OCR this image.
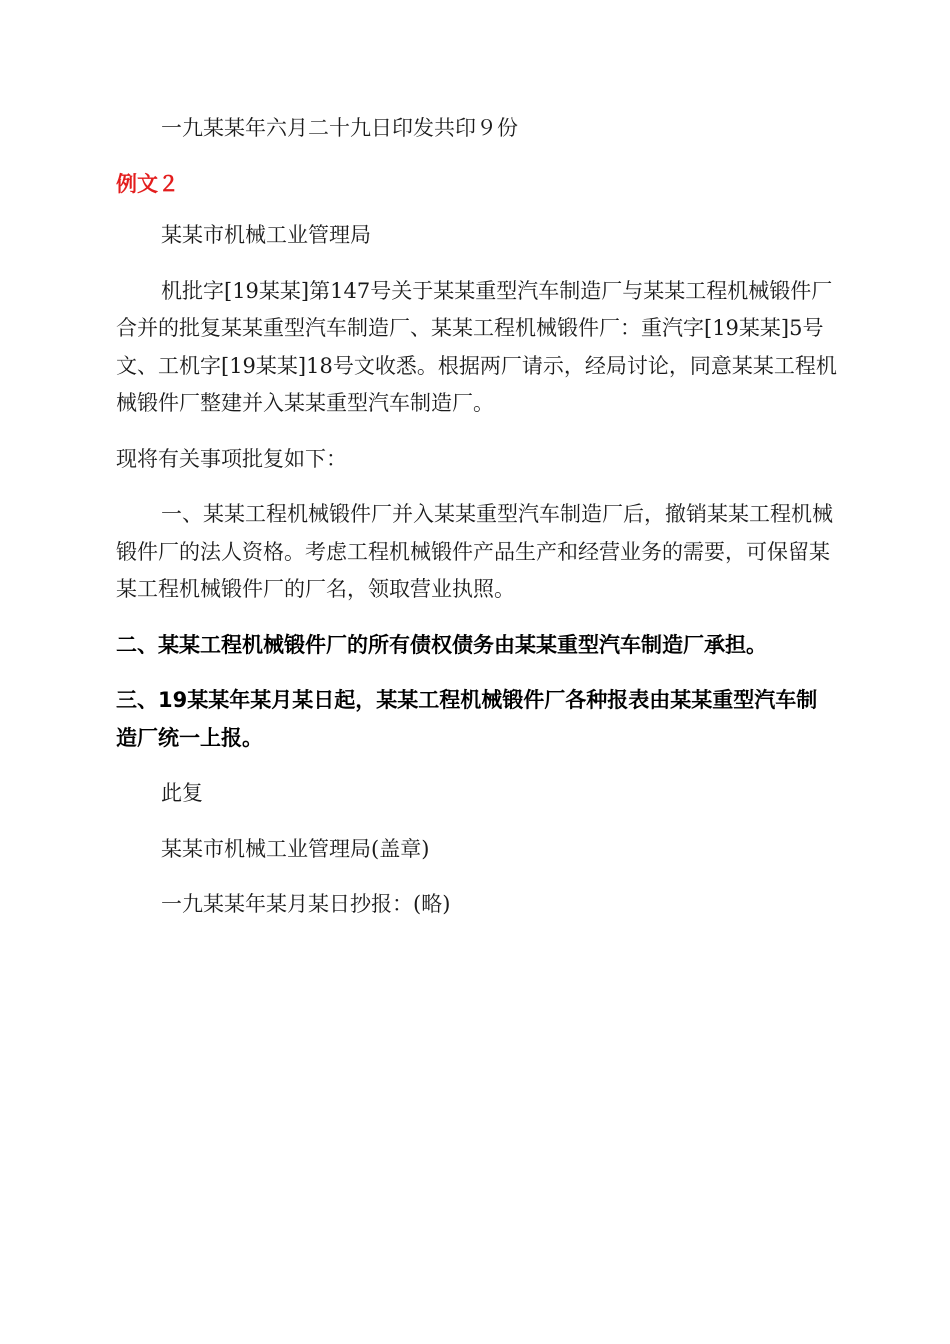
一九某某年六月二十九日印发共印９份

例文２

某某市机械工业管理局

机批字[19某某]第147号关于某某重型汽车制造厂与某某工程机械锻件厂合并的批复某某重型汽车制造厂、某某工程机械锻件厂：重汽字[19某某]5号文、工机字[19某某]18号文收悉。根据两厂请示，经局讨论，同意某某工程机械锻件厂整建并入某某重型汽车制造厂。

现将有关事项批复如下：

一、某某工程机械锻件厂并入某某重型汽车制造厂后，撤销某某工程机械锻件厂的法人资格。考虑工程机械锻件产品生产和经营业务的需要，可保留某某工程机械锻件厂的厂名，领取营业执照。

二、某某工程机械锻件厂的所有债权债务由某某重型汽车制造厂承担。

三、19某某年某月某日起，某某工程机械锻件厂各种报表由某某重型汽车制造厂统一上报。

此复

某某市机械工业管理局(盖章)

一九某某年某月某日抄报：(略)
